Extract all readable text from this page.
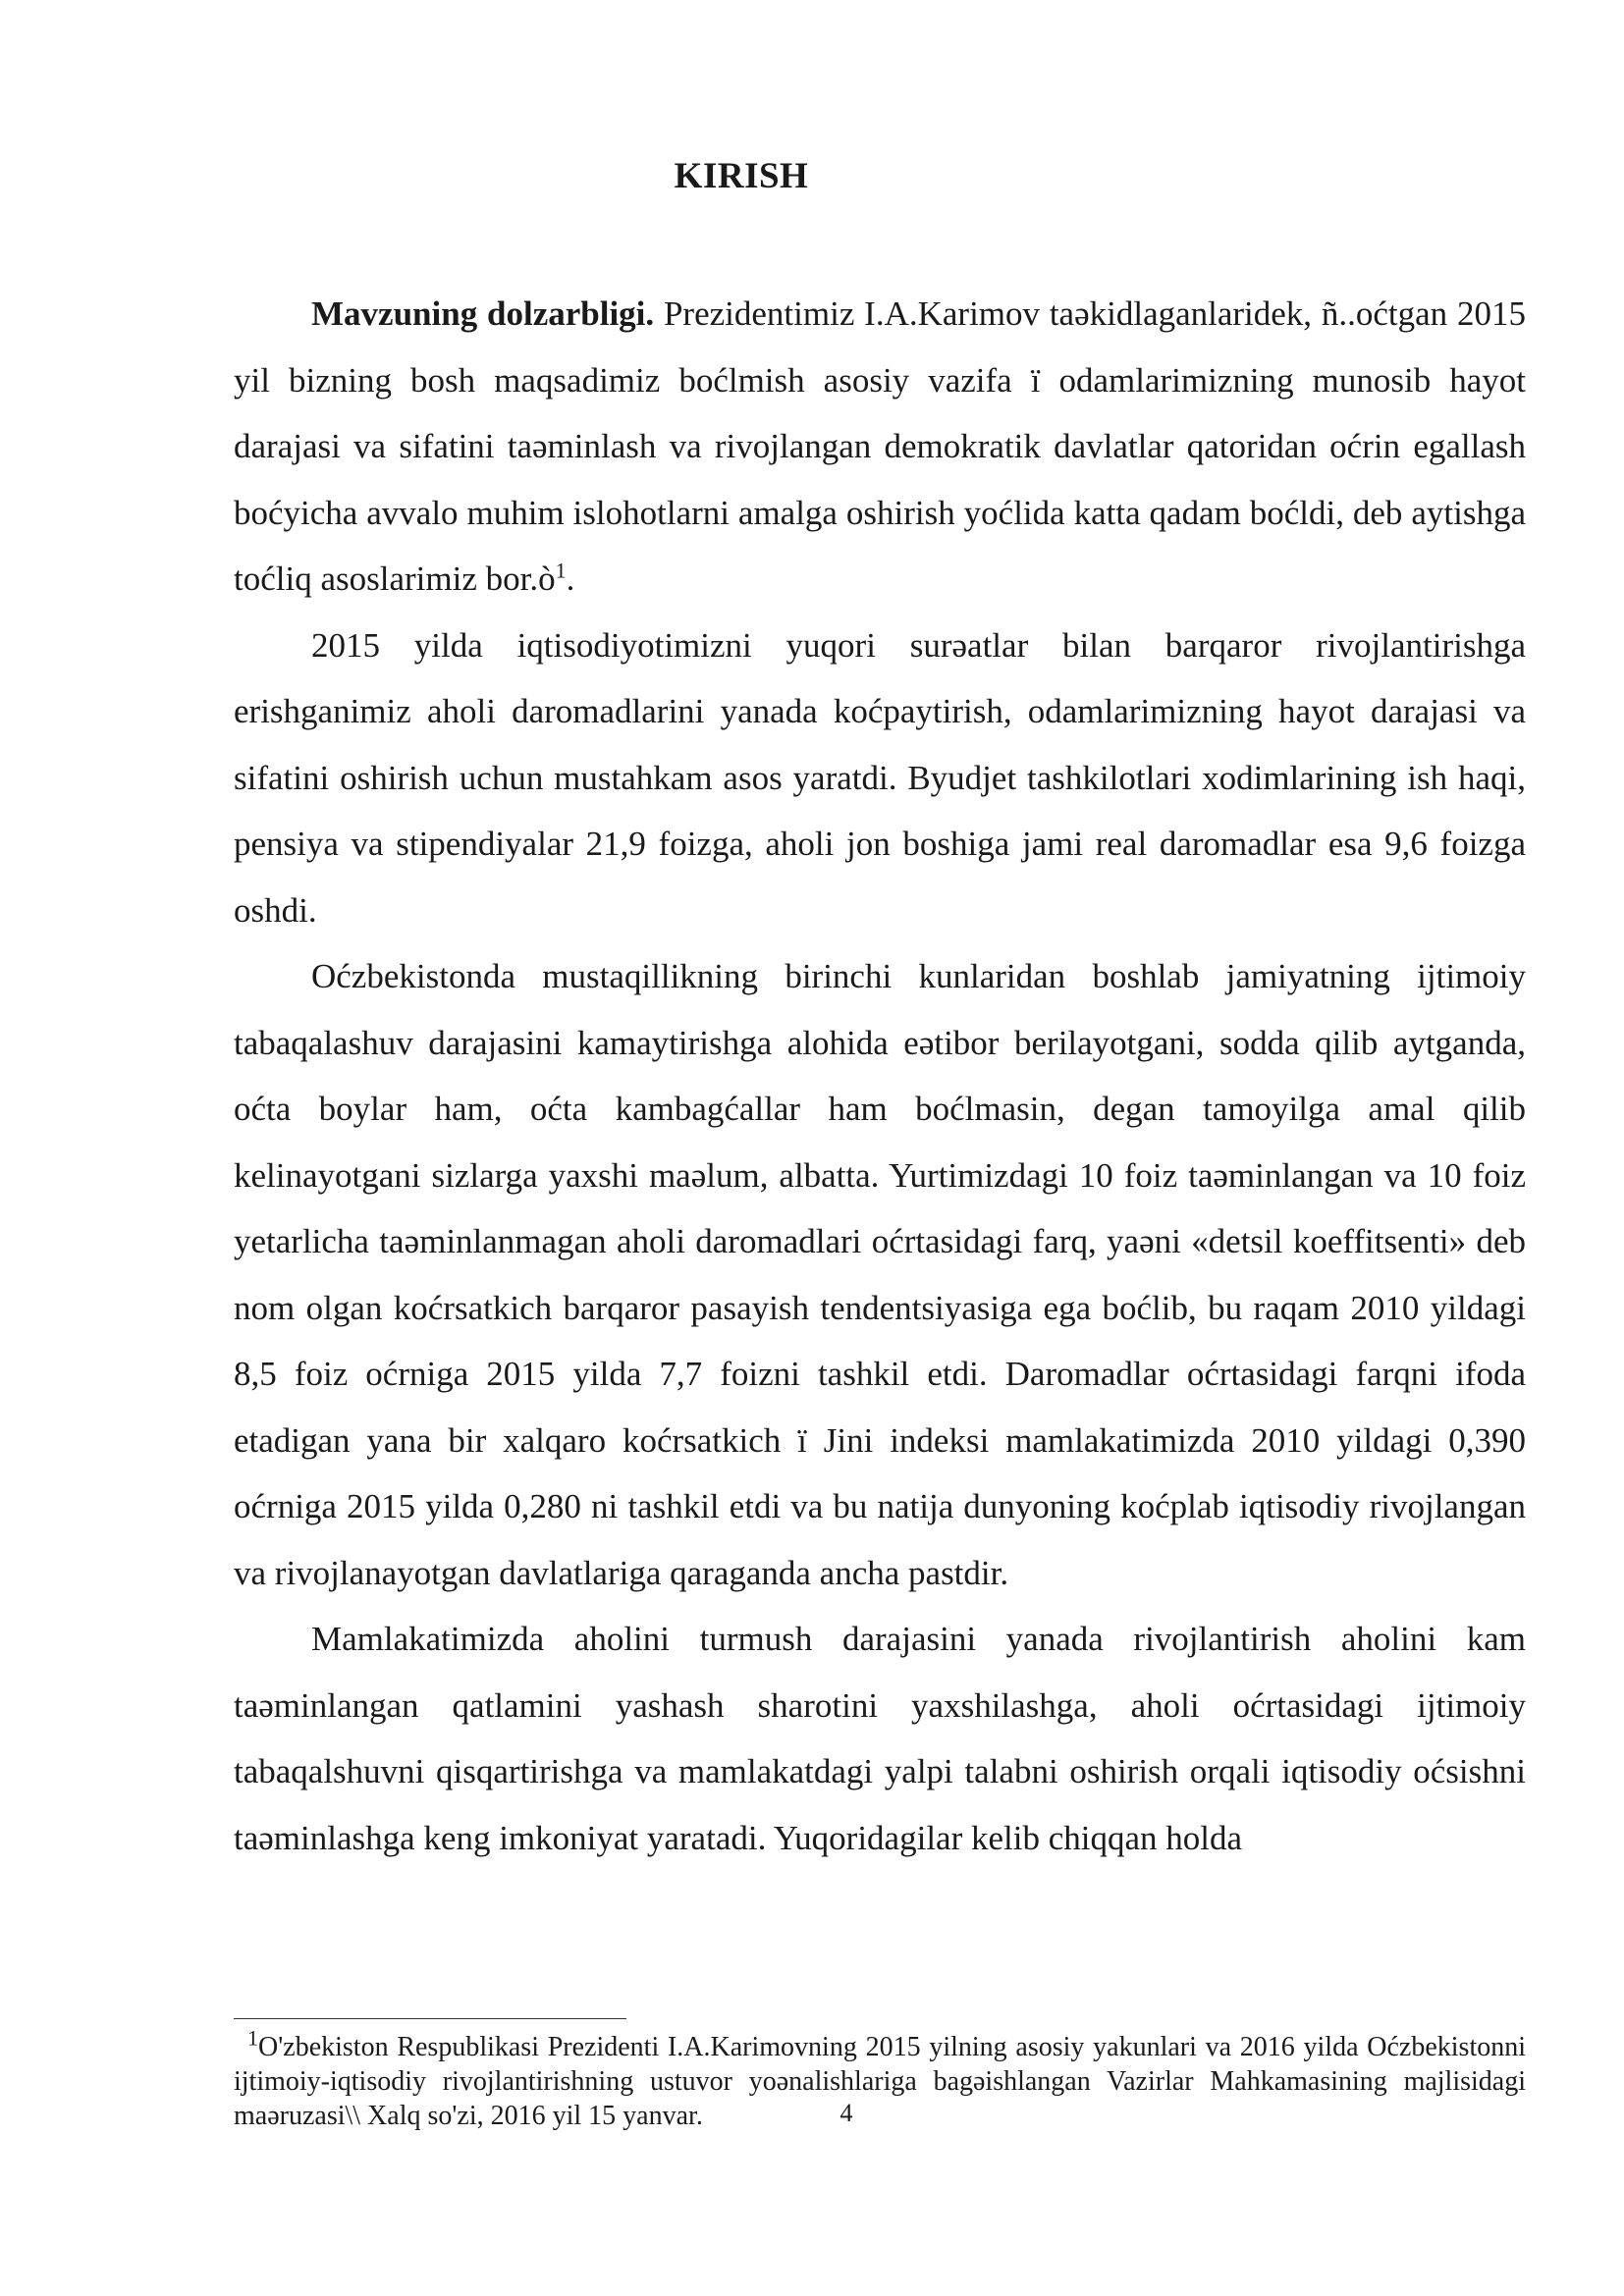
KIRISH

Mavzuning dolzarbligi. Prezidentimiz I.A.Karimov taәkidlaganlaridek, ñ..oćtgan 2015 yil bizning bosh maqsadimiz boćlmish asosiy vazifa ї odamlarimizning munosib hayot darajasi va sifatini taәminlash va rivojlangan demokratik davlatlar qatoridan oćrin egallash boćyicha avvalo muhim islohotlarni amalga oshirish yoćlida katta qadam boćldi, deb aytishga toćliq asoslarimiz bor.ò$^1$.

2015 yilda iqtisodiyotimizni yuqori surәatlar bilan barqaror rivojlantirishga erishganimiz aholi daromadlarini yanada koćpaytirish, odamlarimizning hayot darajasi va sifatini oshirish uchun mustahkam asos yaratdi. Byudjet tashkilotlari xodimlarining ish haqi, pensiya va stipendiyalar 21,9 foizga, aholi jon boshiga jami real daromadlar esa 9,6 foizga oshdi.

Oćzbekistonda mustaqillikning birinchi kunlaridan boshlab jamiyatning ijtimoiy tabaqalashuv darajasini kamaytirishga alohida eәtibor berilayotgani, sodda qilib aytganda, oćta boylar ham, oćta kambagćallar ham boćlmasin, degan tamoyilga amal qilib kelinayotgani sizlarga yaxshi maәlum, albatta. Yurtimizdagi 10 foiz taәminlangan va 10 foiz yetarlicha taәminlanmagan aholi daromadlari oćrtasidagi farq, yaәni «detsil koeffitsenti» deb nom olgan koćrsatkich barqaror pasayish tendentsiyasiga ega boćlib, bu raqam 2010 yildagi 8,5 foiz oćrniga 2015 yilda 7,7 foizni tashkil etdi. Daromadlar oćrtasidagi farqni ifoda etadigan yana bir xalqaro koćrsatkich ї Jini indeksi mamlakatimizda 2010 yildagi 0,390 oćrniga 2015 yilda 0,280 ni tashkil etdi va bu natija dunyoning koćplab iqtisodiy rivojlangan va rivojlanayotgan davlatlariga qaraganda ancha pastdir.

Mamlakatimizda aholini turmush darajasini yanada rivojlantirish aholini kam taәminlangan qatlamini yashash sharotini yaxshilashga, aholi oćrtasidagi ijtimoiy tabaqalshuvni qisqartirishga va mamlakatdagi yalpi talabni oshirish orqali iqtisodiy oćsishni taәminlashga keng imkoniyat yaratadi. Yuqoridagilar kelib chiqqan holda

$^1$O'zbekiston Respublikasi Prezidenti I.A.Karimovning 2015 yilning asosiy yakunlari va 2016 yilda Oćzbekistonni ijtimoiy-iqtisodiy rivojlantirishning ustuvor yoәnalishlariga bagәishlangan Vazirlar Mahkamasining majlisidagi maәruzasi\\ Xalq so'zi, 2016 yil 15 yanvar.	4
